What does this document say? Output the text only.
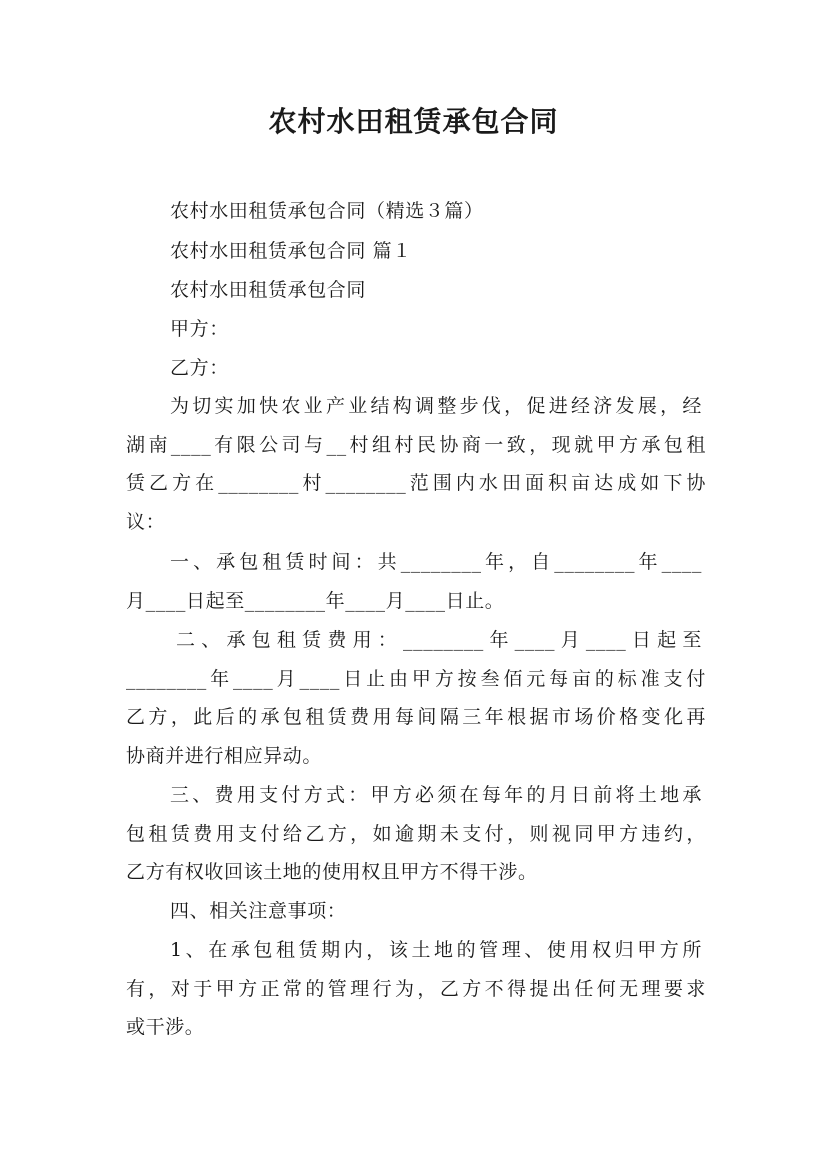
农村水田租赁承包合同
农村水田租赁承包合同（精选３篇）
农村水田租赁承包合同 篇１
农村水田租赁承包合同
甲方：
乙方：
为切实加快农业产业结构调整步伐，促进经济发展，经
湖南____有限公司与__村组村民协商一致，现就甲方承包租
赁乙方在________村________范围内水田面积亩达成如下协
议：
一、承包租赁时间：共________年，自________年____
月____日起至________年____月____日止。
二、承包租赁费用：________年____月____日起至
________年____月____日止由甲方按叁佰元每亩的标准支付
乙方，此后的承包租赁费用每间隔三年根据市场价格变化再
协商并进行相应异动。
三、费用支付方式：甲方必须在每年的月日前将土地承
包租赁费用支付给乙方，如逾期未支付，则视同甲方违约，
乙方有权收回该土地的使用权且甲方不得干涉。
四、相关注意事项：
1、在承包租赁期内，该土地的管理、使用权归甲方所
有，对于甲方正常的管理行为，乙方不得提出任何无理要求
或干涉。
